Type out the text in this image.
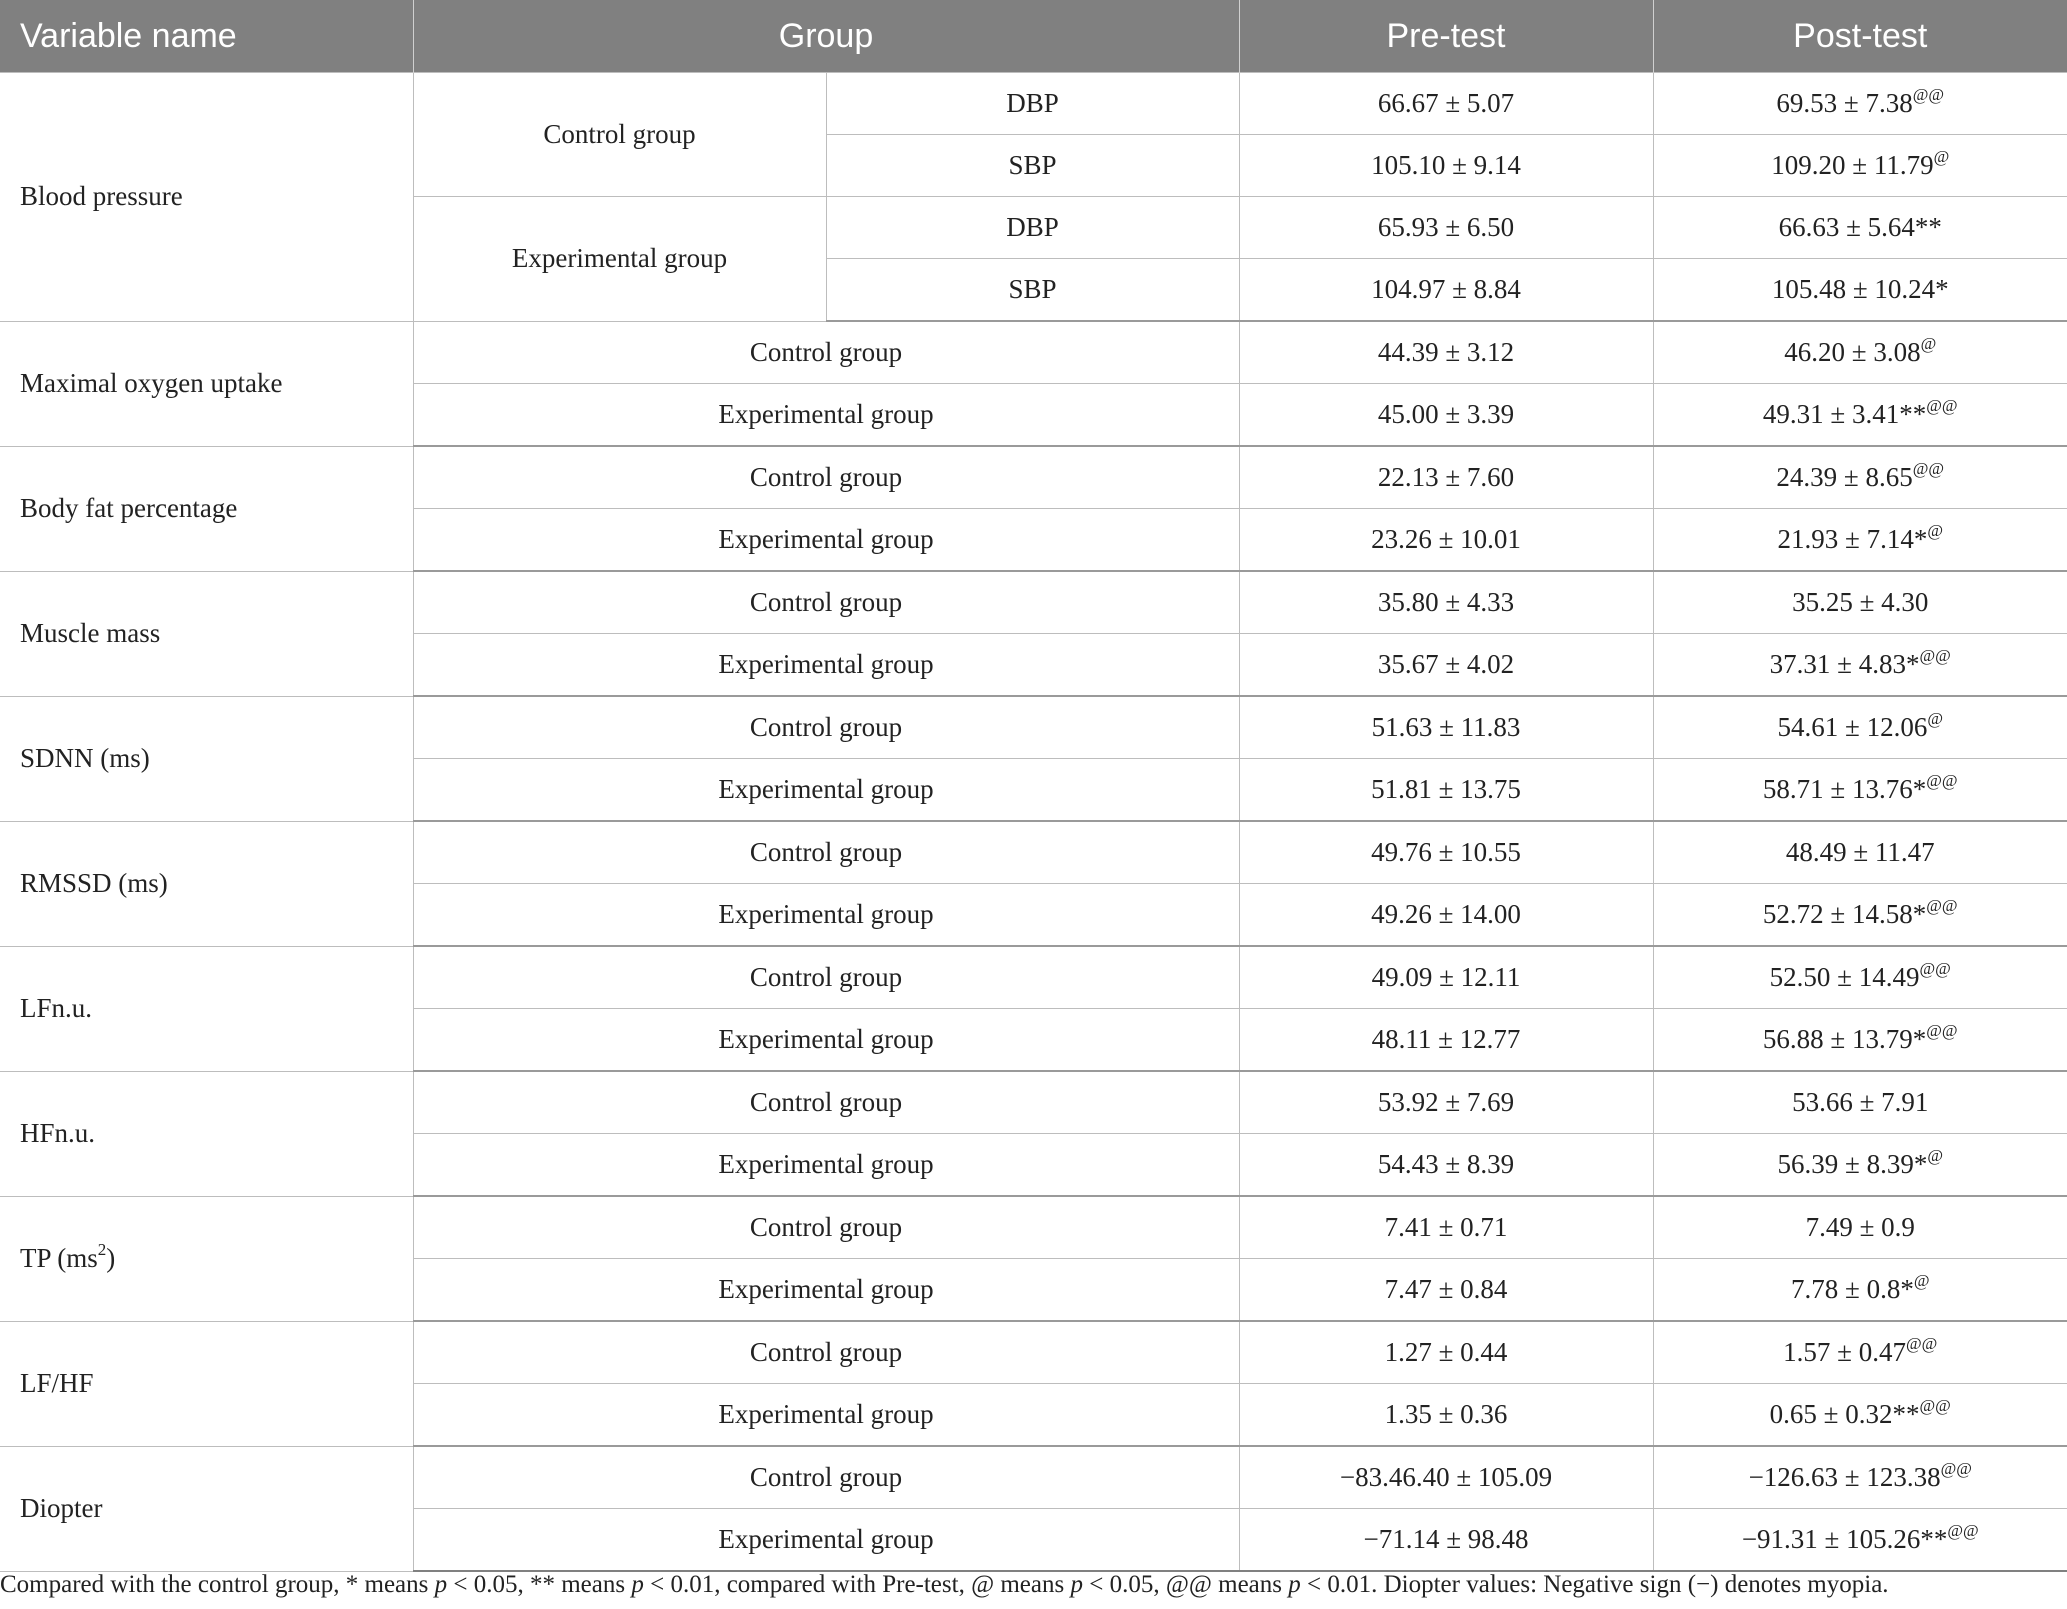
Variable name	Group		Pre-test	Post-test
Blood pressure	Control group	DBP	66.67 ± 5.07	69.53 ± 7.38@@
		SBP	105.10 ± 9.14	109.20 ± 11.79@
	Experimental group	DBP	65.93 ± 6.50	66.63 ± 5.64**
		SBP	104.97 ± 8.84	105.48 ± 10.24*
Maximal oxygen uptake	Control group		44.39 ± 3.12	46.20 ± 3.08@
	Experimental group		45.00 ± 3.39	49.31 ± 3.41**@@
Body fat percentage	Control group		22.13 ± 7.60	24.39 ± 8.65@@
	Experimental group		23.26 ± 10.01	21.93 ± 7.14*@
Muscle mass	Control group		35.80 ± 4.33	35.25 ± 4.30
	Experimental group		35.67 ± 4.02	37.31 ± 4.83*@@
SDNN (ms)	Control group		51.63 ± 11.83	54.61 ± 12.06@
	Experimental group		51.81 ± 13.75	58.71 ± 13.76*@@
RMSSD (ms)	Control group		49.76 ± 10.55	48.49 ± 11.47
	Experimental group		49.26 ± 14.00	52.72 ± 14.58*@@
LFn.u.	Control group		49.09 ± 12.11	52.50 ± 14.49@@
	Experimental group		48.11 ± 12.77	56.88 ± 13.79*@@
HFn.u.	Control group		53.92 ± 7.69	53.66 ± 7.91
	Experimental group		54.43 ± 8.39	56.39 ± 8.39*@
TP $(ms^2)$	Control group		7.41 ± 0.71	7.49 ± 0.9
	Experimental group		7.47 ± 0.84	7.78 ± 0.8*@
LF/HF	Control group		1.27 ± 0.44	1.57 ± 0.47@@
	Experimental group		1.35 ± 0.36	0.65 ± 0.32**@@
Diopter	Control group		−83.46.40 ± 105.09	−126.63 ± 123.38@@
	Experimental group		−71.14 ± 98.48	−91.31 ± 105.26**@@
Compared with the control group, * means p < 0.05, ** means p < 0.01, compared with Pre-test, @ means p < 0.05, @@ means p < 0.01. Diopter values: Negative sign (−) denotes myopia.
